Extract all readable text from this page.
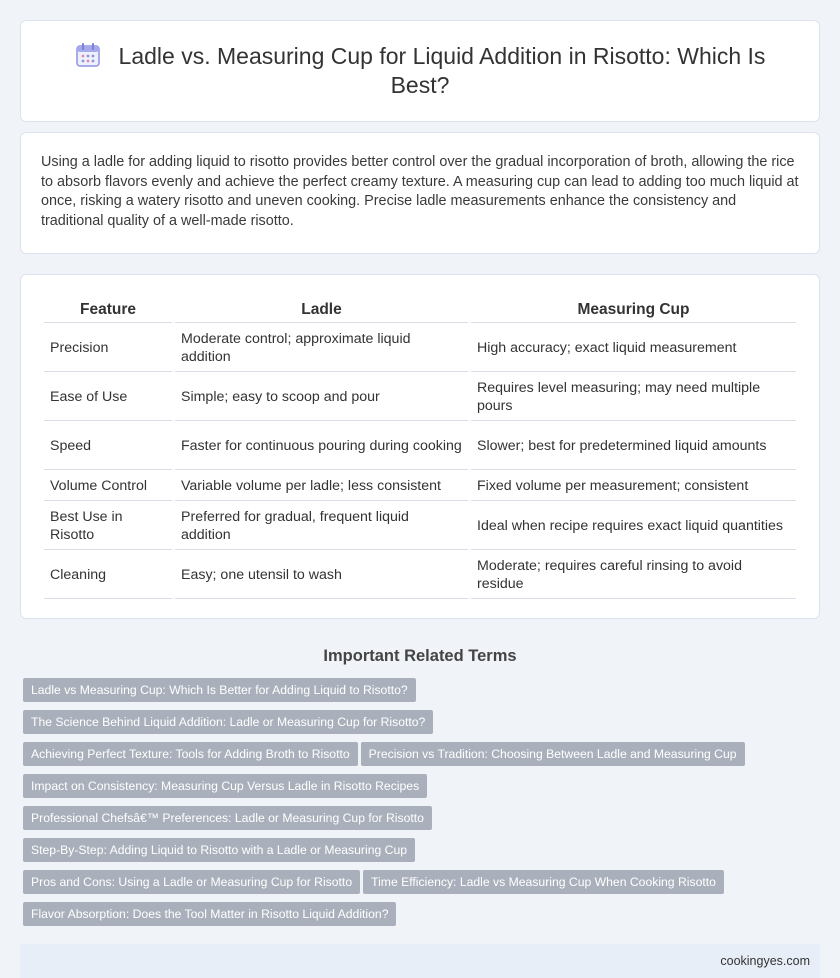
Ladle vs. Measuring Cup for Liquid Addition in Risotto: Which Is Best?

Using a ladle for adding liquid to risotto provides better control over the gradual incorporation of broth, allowing the rice to absorb flavors evenly and achieve the perfect creamy texture. A measuring cup can lead to adding too much liquid at once, risking a watery risotto and uneven cooking. Precise ladle measurements enhance the consistency and traditional quality of a well-made risotto.

Feature	Ladle	Measuring Cup
Precision	Moderate control; approximate liquid addition	High accuracy; exact liquid measurement
Ease of Use	Simple; easy to scoop and pour	Requires level measuring; may need multiple pours
Speed	Faster for continuous pouring during cooking	Slower; best for predetermined liquid amounts
Volume Control	Variable volume per ladle; less consistent	Fixed volume per measurement; consistent
Best Use in Risotto	Preferred for gradual, frequent liquid addition	Ideal when recipe requires exact liquid quantities
Cleaning	Easy; one utensil to wash	Moderate; requires careful rinsing to avoid residue
Important Related Terms
Ladle vs Measuring Cup: Which Is Better for Adding Liquid to Risotto?The Science Behind Liquid Addition: Ladle or Measuring Cup for Risotto?
Achieving Perfect Texture: Tools for Adding Broth to Risotto Precision vs Tradition: Choosing Between Ladle and Measuring Cup
Impact on Consistency: Measuring Cup Versus Ladle in Risotto Recipes
Professional Chefsâ€™ Preferences: Ladle or Measuring Cup for RisottoStep-By-Step: Adding Liquid to Risotto with a Ladle or Measuring Cup
Pros and Cons: Using a Ladle or Measuring Cup for Risotto Time Efficiency: Ladle vs Measuring Cup When Cooking Risotto
Flavor Absorption: Does the Tool Matter in Risotto Liquid Addition?
cookingyes.com
